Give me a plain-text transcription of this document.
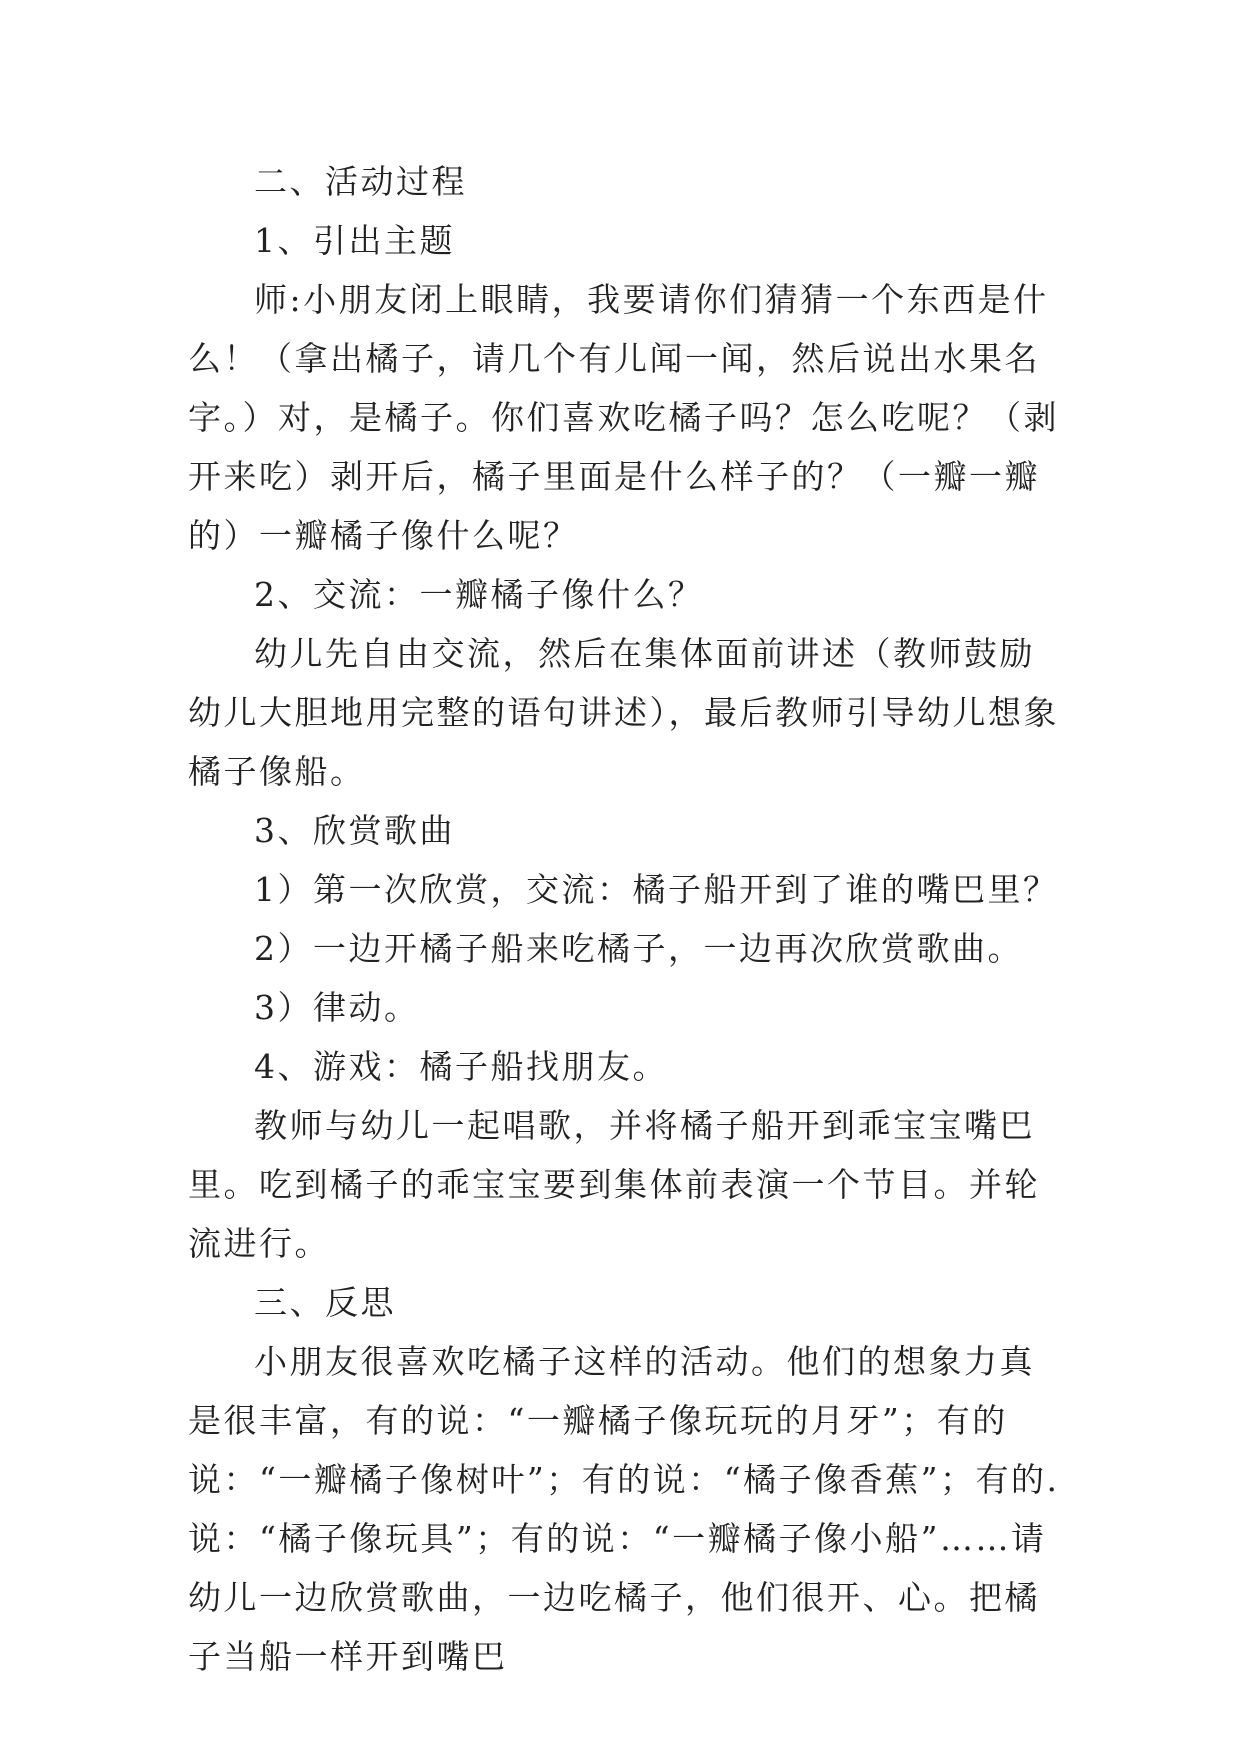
二、活动过程

1、引出主题

师:小朋友闭上眼睛，我要请你们猜猜一个东西是什么！（拿出橘子，请几个有儿闻一闻，然后说出水果名字。）对，是橘子。你们喜欢吃橘子吗？怎么吃呢？（剥开来吃）剥开后，橘子里面是什么样子的？（一瓣一瓣的）一瓣橘子像什么呢？

2、交流：一瓣橘子像什么？

幼儿先自由交流，然后在集体面前讲述（教师鼓励幼儿大胆地用完整的语句讲述），最后教师引导幼儿想象橘子像船。

3、欣赏歌曲

1）第一次欣赏，交流：橘子船开到了谁的嘴巴里？

2）一边开橘子船来吃橘子，一边再次欣赏歌曲。

3）律动。

4、游戏：橘子船找朋友。

教师与幼儿一起唱歌，并将橘子船开到乖宝宝嘴巴里。吃到橘子的乖宝宝要到集体前表演一个节目。并轮流进行。

三、反思

小朋友很喜欢吃橘子这样的活动。他们的想象力真是很丰富，有的说：“一瓣橘子像玩玩的月牙”；有的说：“一瓣橘子像树叶”；有的说：“橘子像香蕉”；有的.说：“橘子像玩具”；有的说：“一瓣橘子像小船”……请幼儿一边欣赏歌曲，一边吃橘子，他们很开、心。把橘子当船一样开到嘴巴
